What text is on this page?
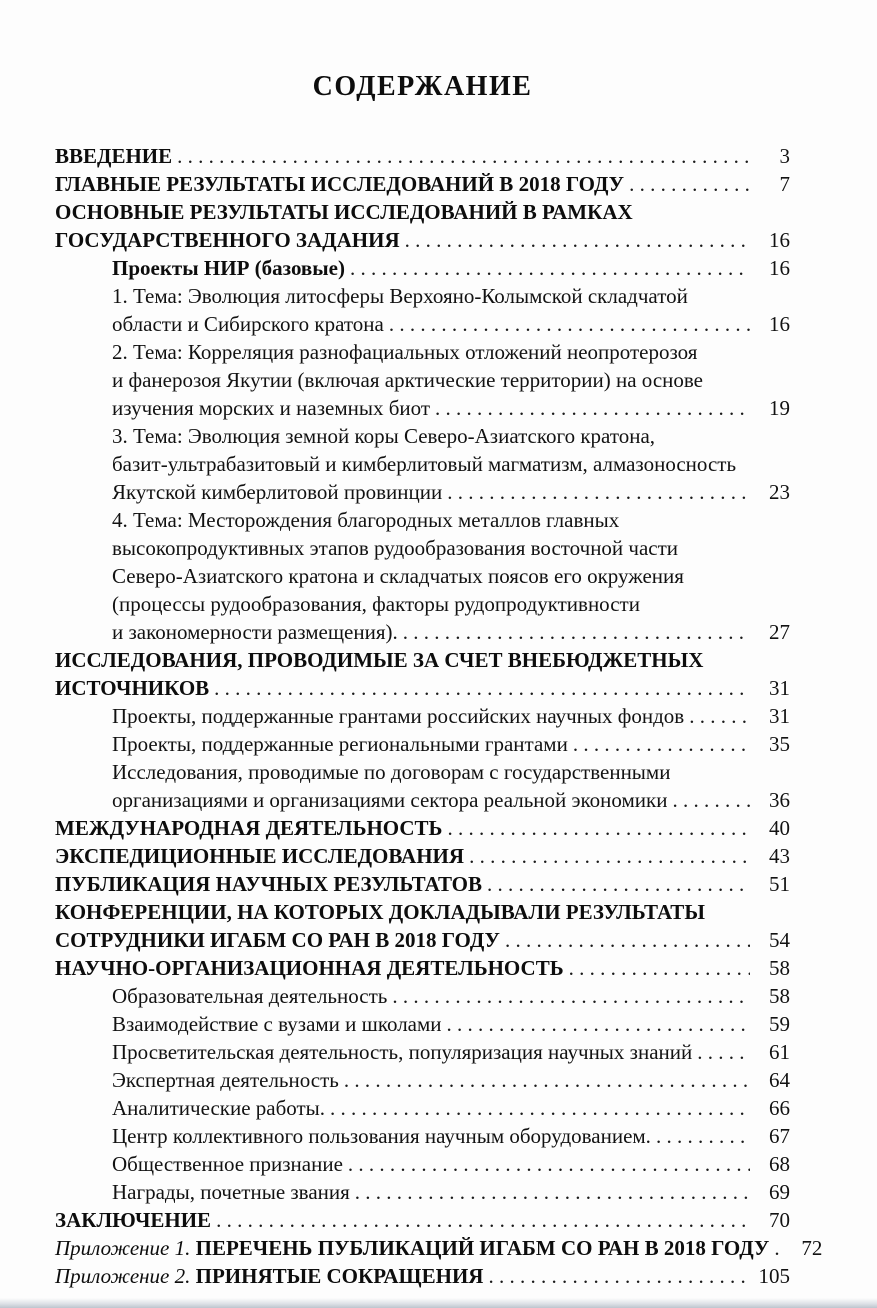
СОДЕРЖАНИЕ
ВВЕДЕНИЕ . . .	3
ГЛАВНЫЕ РЕЗУЛЬТАТЫ ИССЛЕДОВАНИЙ В 2018 ГОДУ . . .	7
ОСНОВНЫЕ РЕЗУЛЬТАТЫ ИССЛЕДОВАНИЙ В РАМКАХ
ГОСУДАРСТВЕННОГО ЗАДАНИЯ . . .	16
Проекты НИР (базовые) . . .	16
1. Тема: Эволюция литосферы Верхояно-Колымской складчатой
области и Сибирского кратона . . .	16
2. Тема: Корреляция разнофациальных отложений неопротерозоя
и фанерозоя Якутии (включая арктические территории) на основе
изучения морских и наземных биот . . .	19
3. Тема: Эволюция земной коры Северо-Азиатского кратона,
базит-ультрабазитовый и кимберлитовый магматизм, алмазоносность
Якутской кимберлитовой провинции . . .	23
4. Тема: Месторождения благородных металлов главных
высокопродуктивных этапов рудообразования восточной части
Северо-Азиатского кратона и складчатых поясов его окружения
(процессы рудообразования, факторы рудопродуктивности
и закономерности размещения). . . .	27
ИССЛЕДОВАНИЯ, ПРОВОДИМЫЕ ЗА СЧЕТ ВНЕБЮДЖЕТНЫХ
ИСТОЧНИКОВ . . .	31
Проекты, поддержанные грантами российских научных фондов . . .	31
Проекты, поддержанные региональными грантами . . .	35
Исследования, проводимые по договорам с государственными
организациями и организациями сектора реальной экономики . . .	36
МЕЖДУНАРОДНАЯ ДЕЯТЕЛЬНОСТЬ . . .	40
ЭКСПЕДИЦИОННЫЕ ИССЛЕДОВАНИЯ . . .	43
ПУБЛИКАЦИЯ НАУЧНЫХ РЕЗУЛЬТАТОВ . . .	51
КОНФЕРЕНЦИИ, НА КОТОРЫХ ДОКЛАДЫВАЛИ РЕЗУЛЬТАТЫ
СОТРУДНИКИ ИГАБМ СО РАН В 2018 ГОДУ . . .	54
НАУЧНО-ОРГАНИЗАЦИОННАЯ ДЕЯТЕЛЬНОСТЬ . . .	58
Образовательная деятельность . . .	58
Взаимодействие с вузами и школами . . .	59
Просветительская деятельность, популяризация научных знаний . . .	61
Экспертная деятельность . . .	64
Аналитические работы. . . .	66
Центр коллективного пользования научным оборудованием. . . .	67
Общественное признание . . .	68
Награды, почетные звания . . .	69
ЗАКЛЮЧЕНИЕ . . .	70
Приложение 1. ПЕРЕЧЕНЬ ПУБЛИКАЦИЙ ИГАБМ СО РАН В 2018 ГОДУ . . .	72
Приложение 2. ПРИНЯТЫЕ СОКРАЩЕНИЯ . . .	105
